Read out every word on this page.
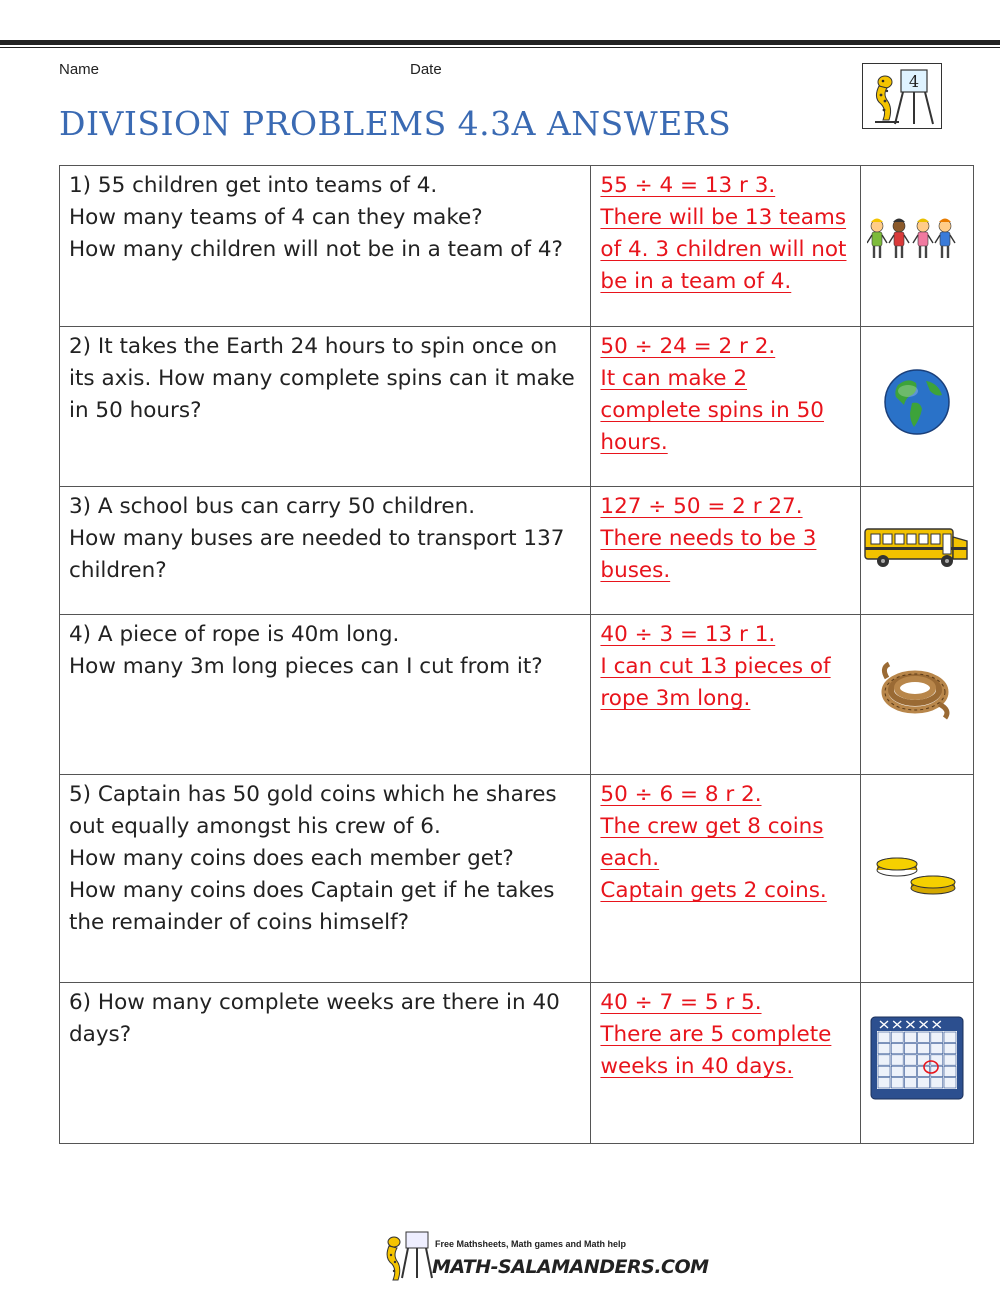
Name	Date
DIVISION PROBLEMS 4.3A ANSWERS
4
1) 55 children get into teams of 4.
How many teams of 4 can they make?
How many children will not be in a team of 4?	55 ÷ 4 = 13 r 3.
There will be 13 teams
of 4. 3 children will not
be in a team of 4.

2) It takes the Earth 24 hours to spin once on
its axis. How many complete spins can it make
in 50 hours?	50 ÷ 24 = 2 r 2.
It can make 2
complete spins in 50
hours.

3) A school bus can carry 50 children.
How many buses are needed to transport 137
children?	127 ÷ 50 = 2 r 27.
There needs to be 3
buses.

4) A piece of rope is 40m long.
How many 3m long pieces can I cut from it?	40 ÷ 3 = 13 r 1.
I can cut 13 pieces of
rope 3m long.

5) Captain has 50 gold coins which he shares
out equally amongst his crew of 6.
How many coins does each member get?
How many coins does Captain get if he takes
the remainder of coins himself?	50 ÷ 6 = 8 r 2.
The crew get 8 coins
each.
Captain gets 2 coins.

6) How many complete weeks are there in 40
days?	40 ÷ 7 = 5 r 5.
There are 5 complete
weeks in 40 days.

Free Mathsheets, Math games and Math help
MATH-SALAMANDERS.COM
